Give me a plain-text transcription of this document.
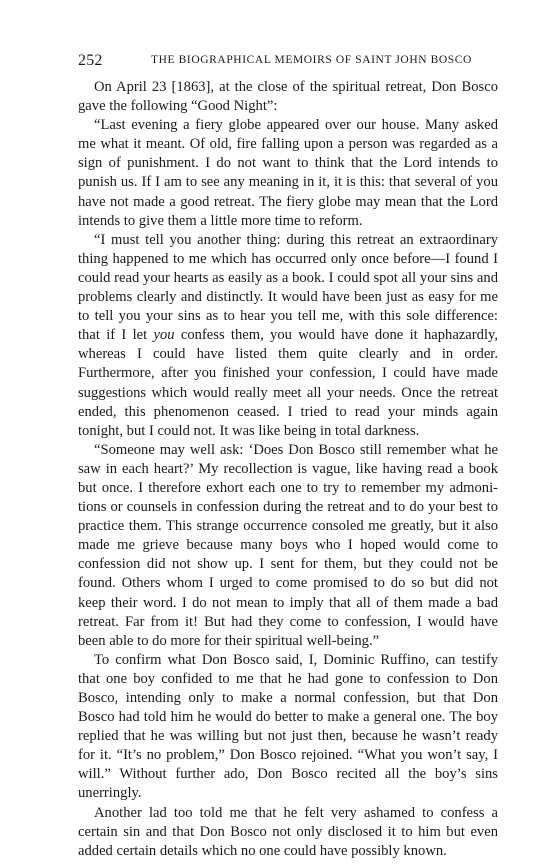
252	THE BIOGRAPHICAL MEMOIRS OF SAINT JOHN BOSCO

On April 23 [1863], at the close of the spiritual retreat, Don Bosco gave the following “Good Night”:

“Last evening a fiery globe appeared over our house. Many asked me what it meant. Of old, fire falling upon a person was regarded as a sign of punishment. I do not want to think that the Lord intends to punish us. If I am to see any meaning in it, it is this: that several of you have not made a good retreat. The fiery globe may mean that the Lord intends to give them a little more time to reform.

“I must tell you another thing: during this retreat an extraordinary thing happened to me which has occurred only once before—I found I could read your hearts as easily as a book. I could spot all your sins and problems clearly and distinctly. It would have been just as easy for me to tell you your sins as to hear you tell me, with this sole difference: that if I let you confess them, you would have done it haphazardly, whereas I could have listed them quite clearly and in order. Furthermore, after you finished your confession, I could have made suggestions which would really meet all your needs. Once the retreat ended, this phenomenon ceased. I tried to read your minds again tonight, but I could not. It was like being in total darkness.

“Someone may well ask: ‘Does Don Bosco still remember what he saw in each heart?’ My recollection is vague, like having read a book but once. I therefore exhort each one to try to remember my admonitions or counsels in confession during the retreat and to do your best to practice them. This strange occurrence consoled me greatly, but it also made me grieve because many boys who I hoped would come to confession did not show up. I sent for them, but they could not be found. Others whom I urged to come promised to do so but did not keep their word. I do not mean to imply that all of them made a bad retreat. Far from it! But had they come to confession, I would have been able to do more for their spiritual well-being.”

To confirm what Don Bosco said, I, Dominic Ruffino, can testify that one boy confided to me that he had gone to confession to Don Bosco, intending only to make a normal confession, but that Don Bosco had told him he would do better to make a general one. The boy replied that he was willing but not just then, because he wasn’t ready for it. “It’s no problem,” Don Bosco rejoined. “What you won’t say, I will.” Without further ado, Don Bosco recited all the boy’s sins unerringly.

Another lad too told me that he felt very ashamed to confess a certain sin and that Don Bosco not only disclosed it to him but even added certain details which no one could have possibly known.
